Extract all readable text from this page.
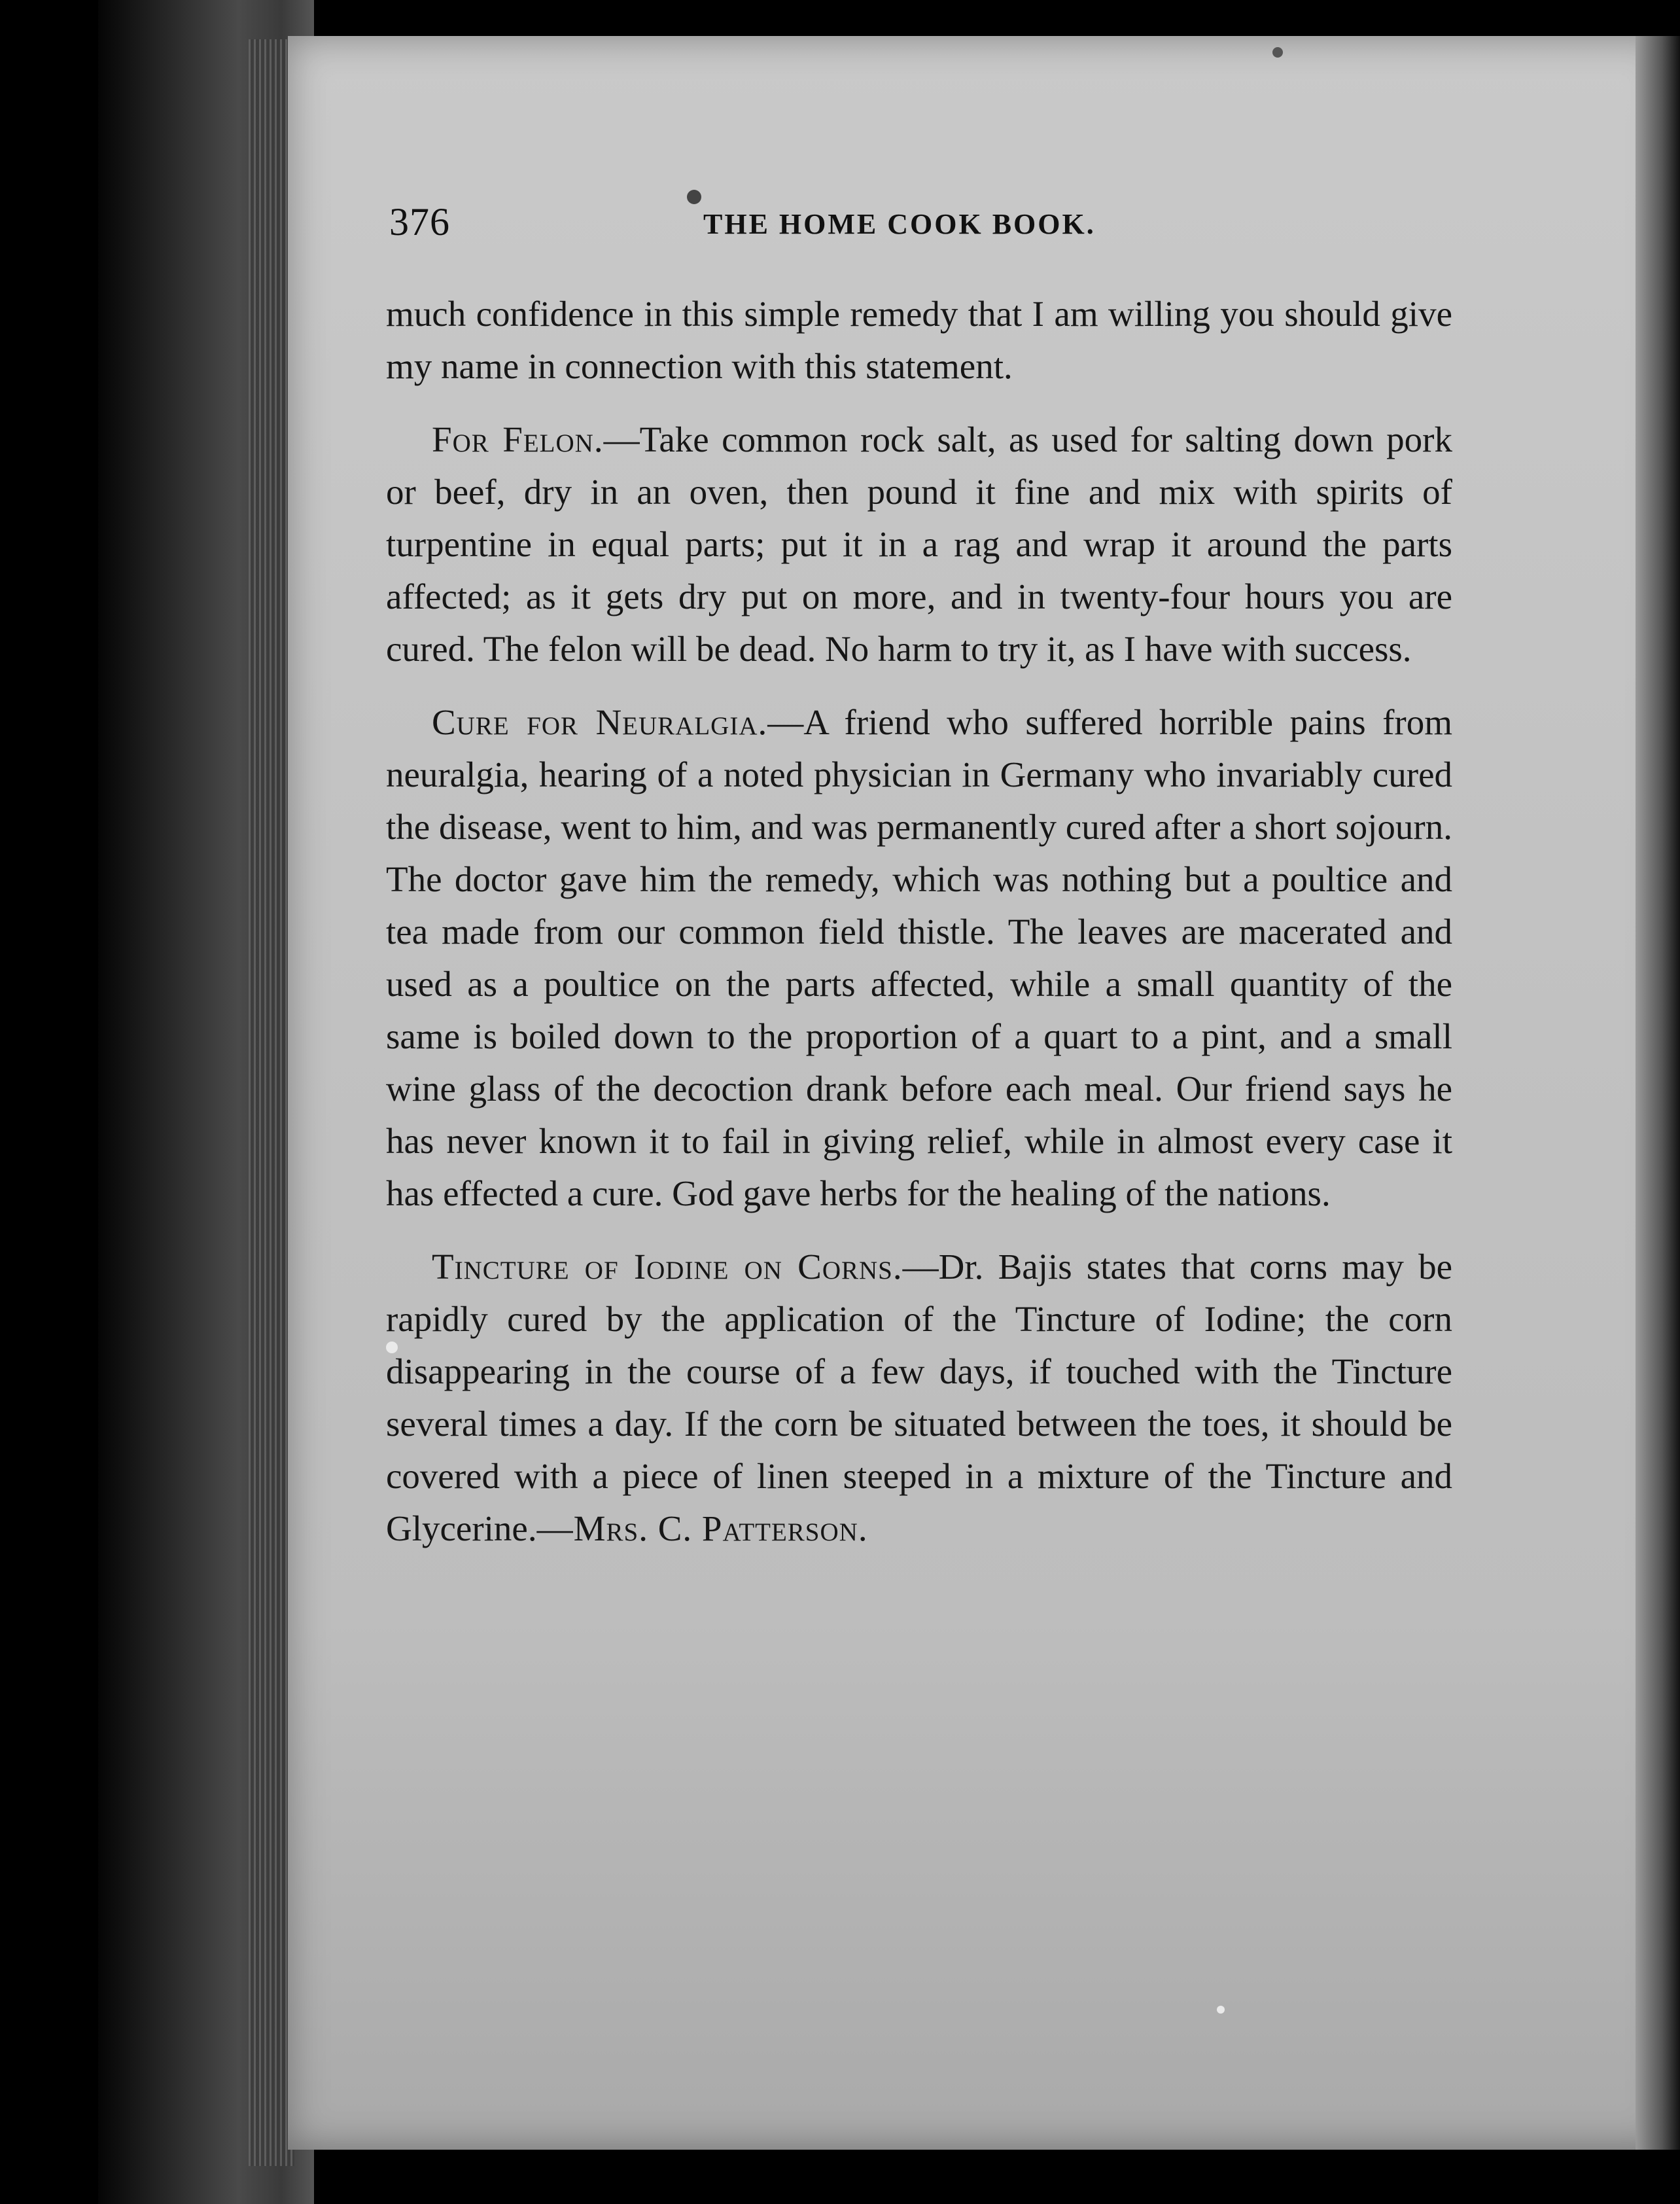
376	THE HOME COOK BOOK.

much confidence in this simple remedy that I am willing you should give my name in connection with this statement.

For Felon.—Take common rock salt, as used for salting down pork or beef, dry in an oven, then pound it fine and mix with spirits of turpentine in equal parts; put it in a rag and wrap it around the parts affected; as it gets dry put on more, and in twenty-four hours you are cured. The felon will be dead. No harm to try it, as I have with success.

Cure for Neuralgia.—A friend who suffered horrible pains from neuralgia, hearing of a noted physician in Germany who invariably cured the disease, went to him, and was permanently cured after a short sojourn. The doctor gave him the remedy, which was nothing but a poultice and tea made from our common field thistle. The leaves are macerated and used as a poultice on the parts affected, while a small quantity of the same is boiled down to the proportion of a quart to a pint, and a small wine glass of the decoction drank before each meal. Our friend says he has never known it to fail in giving relief, while in almost every case it has effected a cure. God gave herbs for the healing of the nations.

Tincture of Iodine on Corns.—Dr. Bajis states that corns may be rapidly cured by the application of the Tincture of Iodine; the corn disappearing in the course of a few days, if touched with the Tincture several times a day. If the corn be situated between the toes, it should be covered with a piece of linen steeped in a mixture of the Tincture and Glycerine.—Mrs. C. Patterson.
